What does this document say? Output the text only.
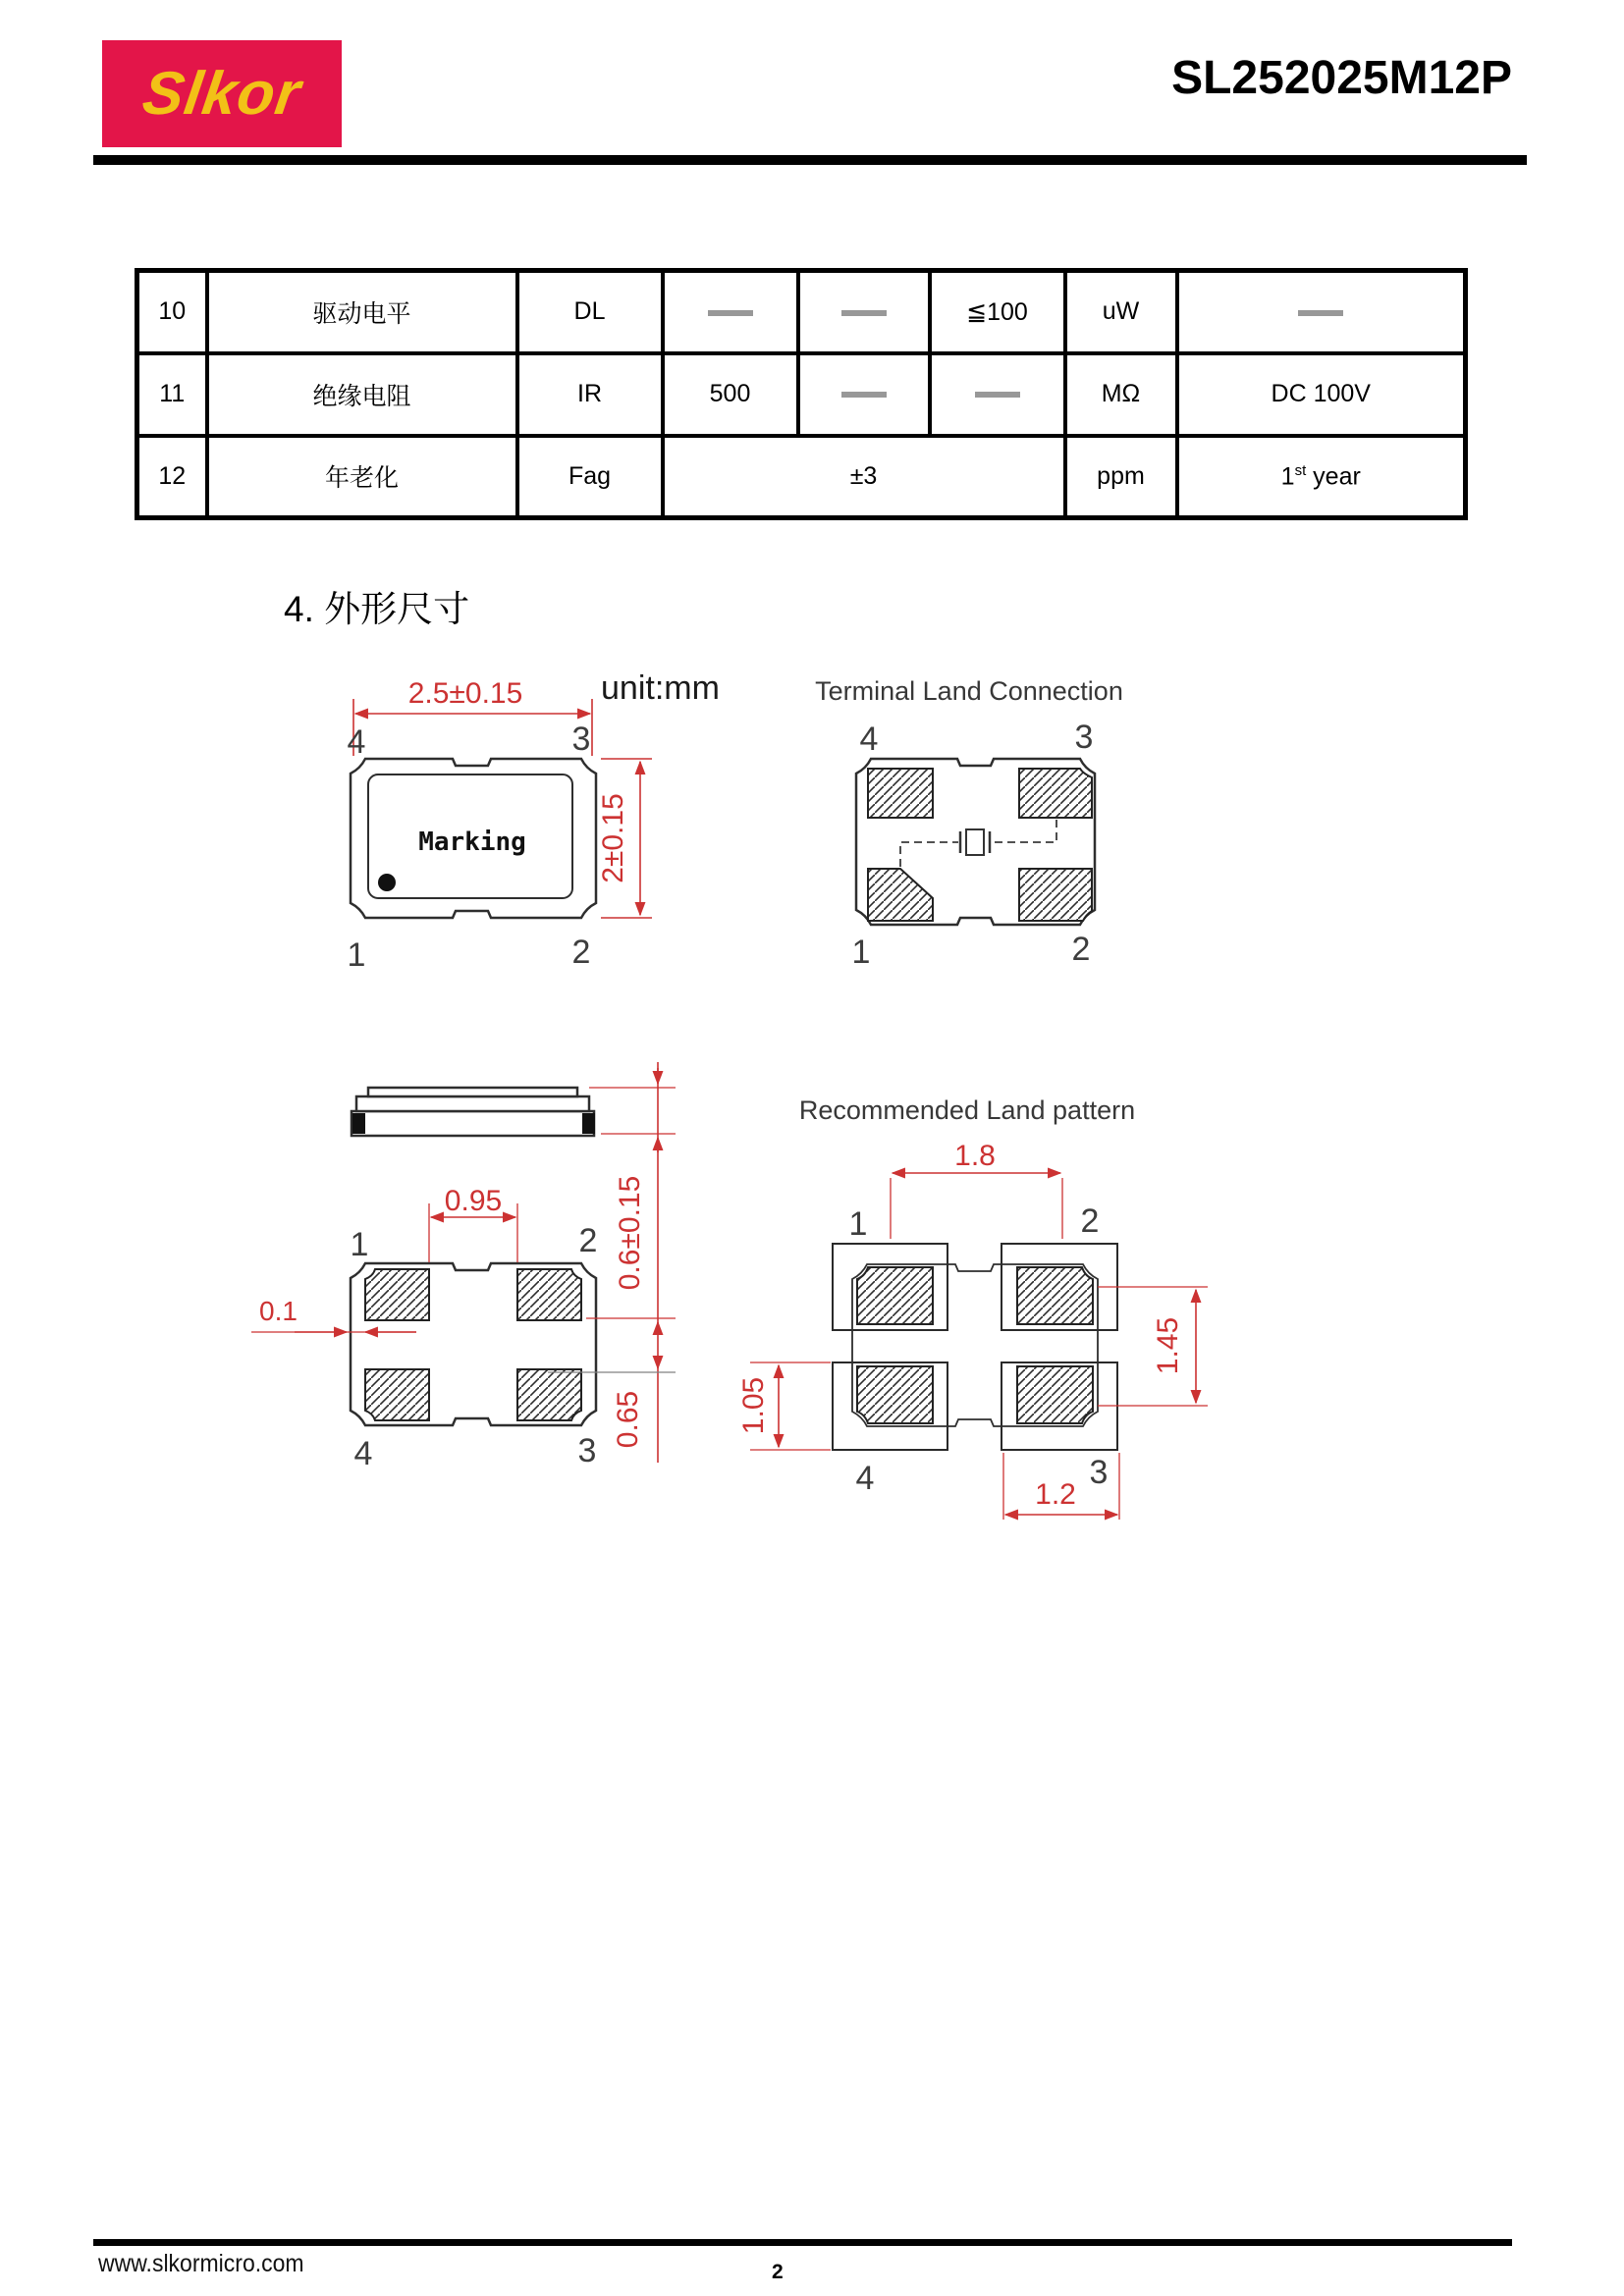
Slkor	SL252025M12P
10	驱动电平	DL			≦100	uW	
11	绝缘电阻	IR	500			MΩ	DC 100V
12	年老化	Fag	±3			ppm	1st year
4. 外形尺寸
2.5±0.15 unit:mm
Marking
4	3
1	2
2±0.15
Terminal Land Connection
4	3
1	2
0.6±0.15
1	2
4	3
0.95
0.1
0.65
Recommended Land pattern
1	2
4	3
1.8
1.45
1.05
1.2
www.slkormicro.com	2
